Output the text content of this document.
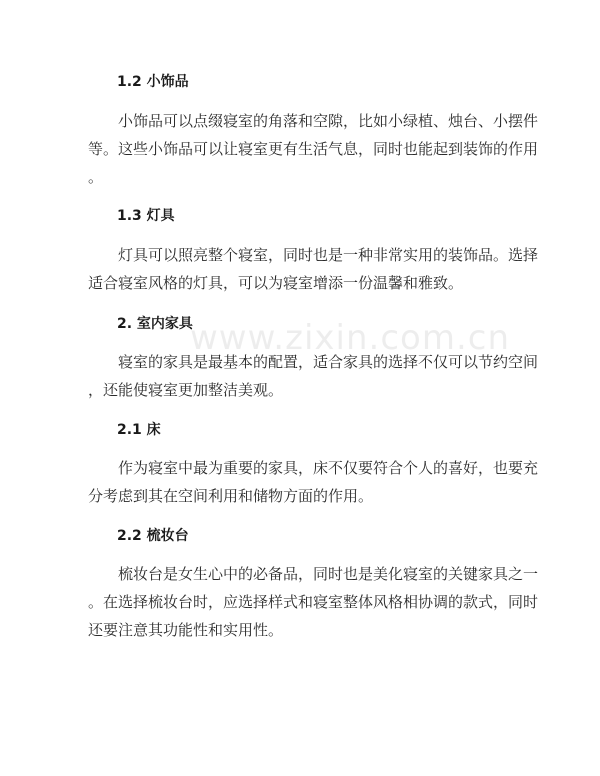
1.2 小饰品
小饰品可以点缀寝室的角落和空隙，比如小绿植、烛台、小摆件
等。这些小饰品可以让寝室更有生活气息，同时也能起到装饰的作用
。
1.3 灯具
灯具可以照亮整个寝室，同时也是一种非常实用的装饰品。选择
适合寝室风格的灯具，可以为寝室增添一份温馨和雅致。
2. 室内家具
寝室的家具是最基本的配置，适合家具的选择不仅可以节约空间
，还能使寝室更加整洁美观。
2.1 床
作为寝室中最为重要的家具，床不仅要符合个人的喜好，也要充
分考虑到其在空间利用和储物方面的作用。
2.2 梳妆台
梳妆台是女生心中的必备品，同时也是美化寝室的关键家具之一
。在选择梳妆台时，应选择样式和寝室整体风格相协调的款式，同时
还要注意其功能性和实用性。
www.zixin.com.cn
